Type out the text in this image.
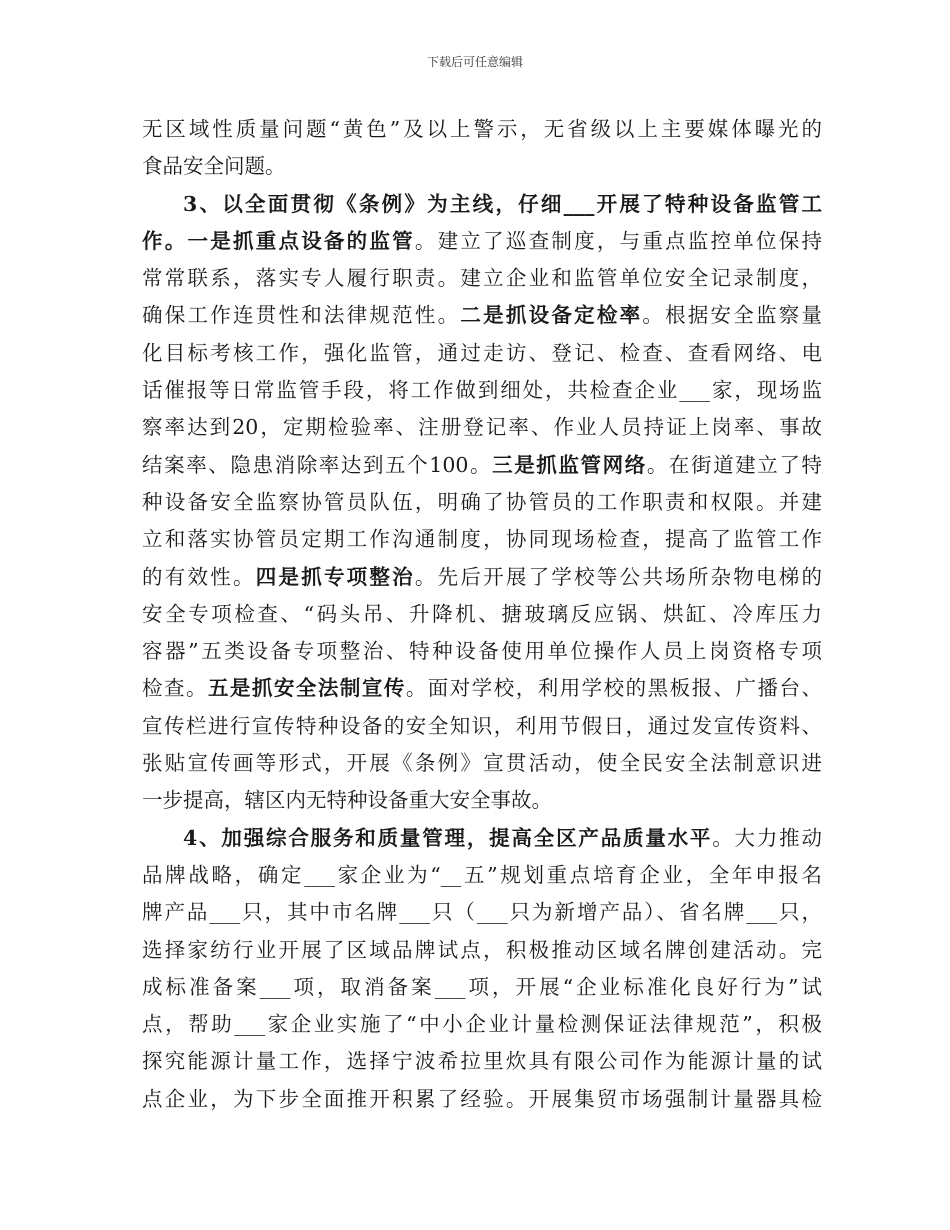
下载后可任意编辑
无区域性质量问题“黄色”及以上警示，无省级以上主要媒体曝光的
食品安全问题。
3、以全面贯彻《条例》为主线，仔细___开展了特种设备监管工
作。一是抓重点设备的监管。建立了巡查制度，与重点监控单位保持
常常联系，落实专人履行职责。建立企业和监管单位安全记录制度，
确保工作连贯性和法律规范性。二是抓设备定检率。根据安全监察量
化目标考核工作，强化监管，通过走访、登记、检查、查看网络、电
话催报等日常监管手段，将工作做到细处，共检查企业___家，现场监
察率达到20，定期检验率、注册登记率、作业人员持证上岗率、事故
结案率、隐患消除率达到五个100。三是抓监管网络。在街道建立了特
种设备安全监察协管员队伍，明确了协管员的工作职责和权限。并建
立和落实协管员定期工作沟通制度，协同现场检查，提高了监管工作
的有效性。四是抓专项整治。先后开展了学校等公共场所杂物电梯的
安全专项检查、“码头吊、升降机、搪玻璃反应锅、烘缸、冷库压力
容器”五类设备专项整治、特种设备使用单位操作人员上岗资格专项
检查。五是抓安全法制宣传。面对学校，利用学校的黑板报、广播台、
宣传栏进行宣传特种设备的安全知识，利用节假日，通过发宣传资料、
张贴宣传画等形式，开展《条例》宣贯活动，使全民安全法制意识进
一步提高，辖区内无特种设备重大安全事故。
4、加强综合服务和质量管理，提高全区产品质量水平。大力推动
品牌战略，确定___家企业为“__五”规划重点培育企业，全年申报名
牌产品___只，其中市名牌___只（___只为新增产品）、省名牌___只，
选择家纺行业开展了区域品牌试点，积极推动区域名牌创建活动。完
成标准备案___项，取消备案___项，开展“企业标准化良好行为”试
点，帮助___家企业实施了“中小企业计量检测保证法律规范”，积极
探究能源计量工作，选择宁波希拉里炊具有限公司作为能源计量的试
点企业，为下步全面推开积累了经验。开展集贸市场强制计量器具检
